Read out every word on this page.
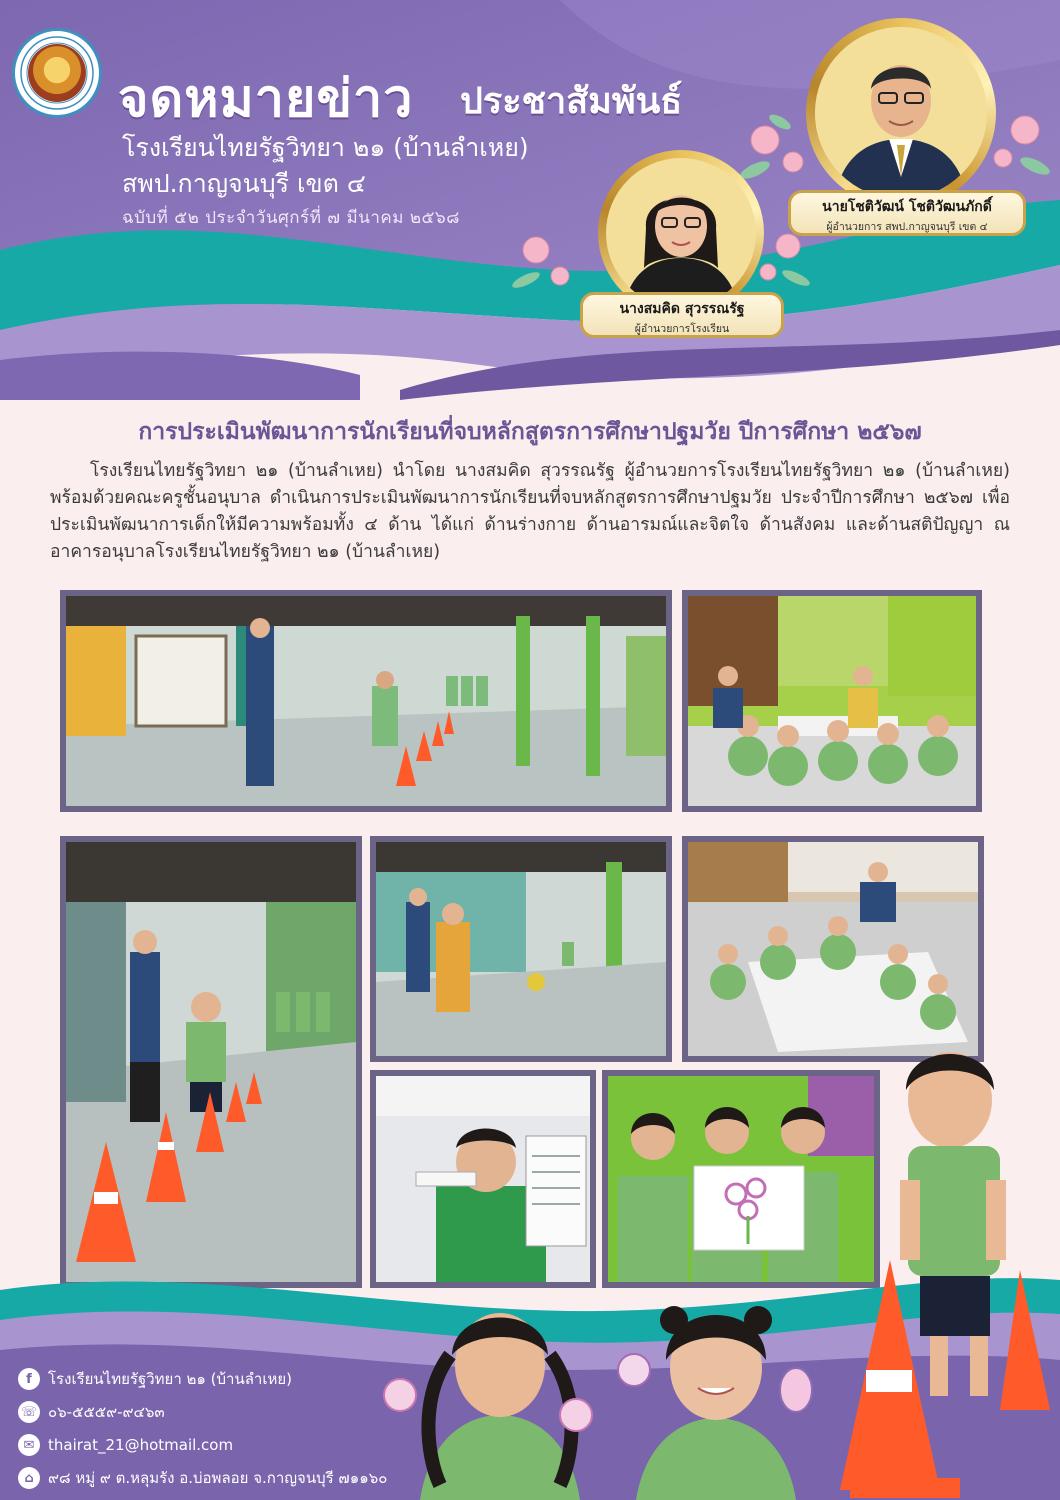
จดหมายข่าว ประชาสัมพันธ์
โรงเรียนไทยรัฐวิทยา ๒๑ (บ้านลำเหย)
สพป.กาญจนบุรี เขต ๔
ฉบับที่ ๕๒ ประจำวันศุกร์ที่ ๗ มีนาคม ๒๕๖๘
นายโชติวัฒน์ โชติวัฒนภักดิ์
ผู้อำนวยการ สพป.กาญจนบุรี เขต ๔
นางสมคิด สุวรรณรัฐ
ผู้อำนวยการโรงเรียน
การประเมินพัฒนาการนักเรียนที่จบหลักสูตรการศึกษาปฐมวัย ปีการศึกษา ๒๕๖๗
โรงเรียนไทยรัฐวิทยา ๒๑ (บ้านลำเหย) นำโดย นางสมคิด สุวรรณรัฐ ผู้อำนวยการโรงเรียนไทยรัฐวิทยา ๒๑ (บ้านลำเหย) พร้อมด้วยคณะครูชั้นอนุบาล ดำเนินการประเมินพัฒนาการนักเรียนที่จบหลักสูตรการศึกษาปฐมวัย ประจำปีการศึกษา ๒๕๖๗ เพื่อประเมินพัฒนาการเด็กให้มีความพร้อมทั้ง ๔ ด้าน ได้แก่ ด้านร่างกาย ด้านอารมณ์และจิตใจ ด้านสังคม และด้านสติปัญญา ณ อาคารอนุบาลโรงเรียนไทยรัฐวิทยา ๒๑ (บ้านลำเหย)
f	โรงเรียนไทยรัฐวิทยา ๒๑ (บ้านลำเหย)
☏ ๐๖-๕๕๕๙-๙๔๖๓
✉ thairat_21@hotmail.com
⌂ ๙๘ หมู่ ๙ ต.หลุมรัง อ.บ่อพลอย จ.กาญจนบุรี ๗๑๑๖๐
